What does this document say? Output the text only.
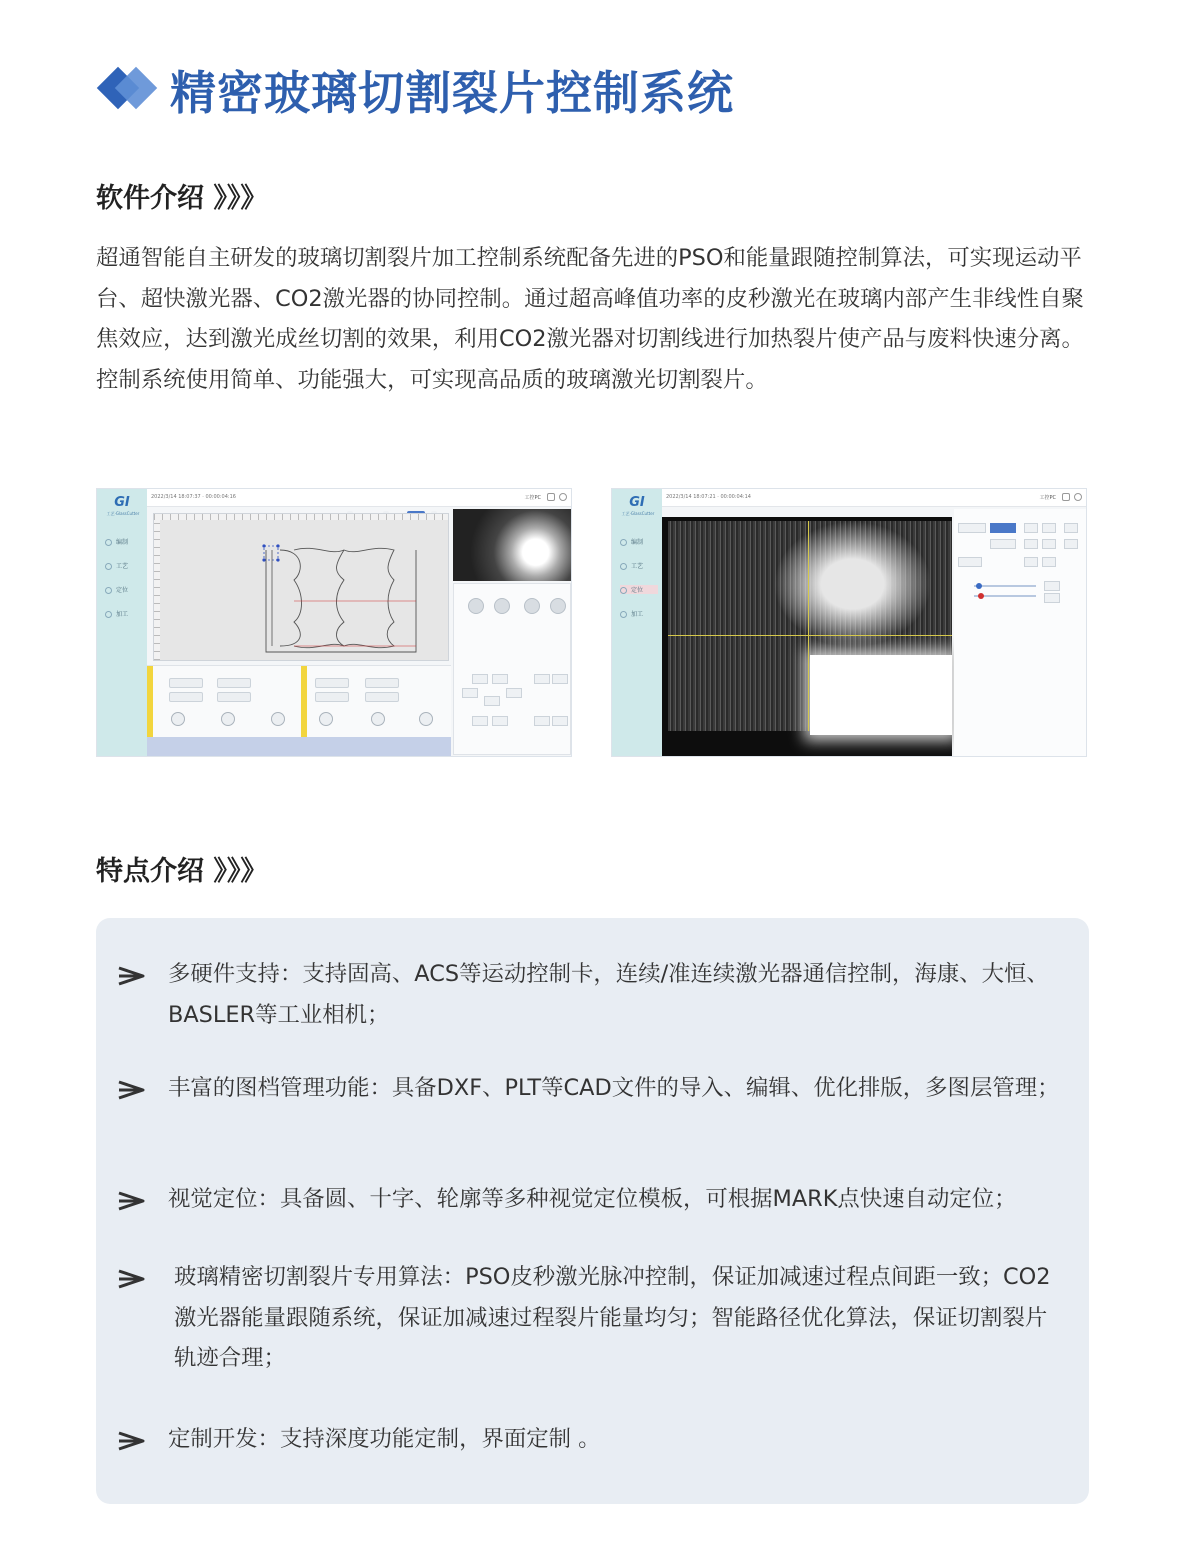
精密玻璃切割裂片控制系统
软件介绍 》》》
超通智能自主研发的玻璃切割裂片加工控制系统配备先进的PSO和能量跟随控制算法，可实现运动平台、超快激光器、CO2激光器的协同控制。通过超高峰值功率的皮秒激光在玻璃内部产生非线性自聚焦效应，达到激光成丝切割的效果，利用CO2激光器对切割线进行加热裂片使产品与废料快速分离。控制系统使用简单、功能强大，可实现高品质的玻璃激光切割裂片。
GI
工艺·GlassCutter
编制
工艺
定位
加工
2022/3/14 18:07:37 · 00:00:04:16	工控PC	GI
工艺·GlassCutter
编制
工艺
定位
加工
2022/3/14 18:07:21 · 00:00:04:14	工控PC
特点介绍 》》》
多硬件支持：支持固高、ACS等运动控制卡，连续/准连续激光器通信控制，海康、大恒、BASLER等工业相机；
丰富的图档管理功能：具备DXF、PLT等CAD文件的导入、编辑、优化排版，多图层管理；
视觉定位：具备圆、十字、轮廓等多种视觉定位模板，可根据MARK点快速自动定位；
玻璃精密切割裂片专用算法：PSO皮秒激光脉冲控制，保证加减速过程点间距一致；CO2激光器能量跟随系统，保证加减速过程裂片能量均匀；智能路径优化算法，保证切割裂片轨迹合理；
定制开发：支持深度功能定制，界面定制 。
